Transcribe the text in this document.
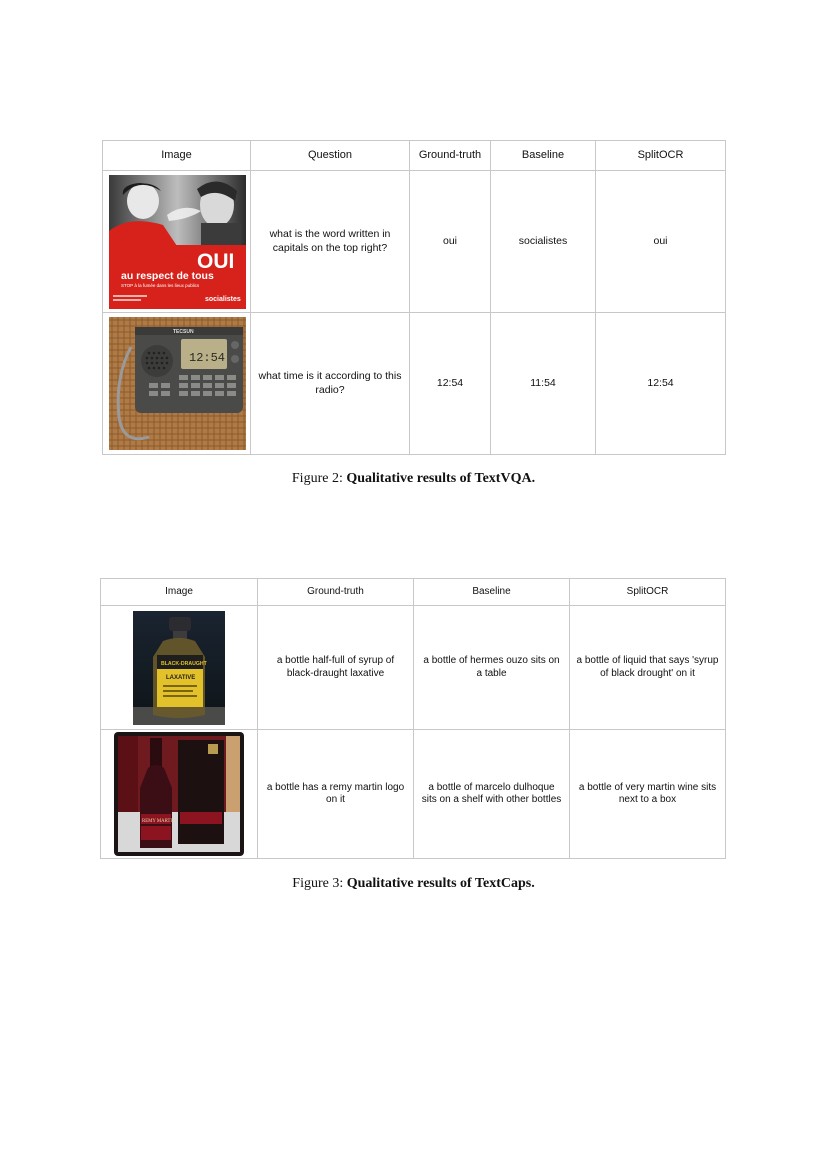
Image	Question	Ground-truth	Baseline	SplitOCR

OUI
au respect de tous
STOP à la fumée dans les lieux publics
socialistes	what is the word written in capitals on the top right?	oui	socialistes	oui

TECSUN
12:54	what time is it according to this radio?	12:54	11:54	12:54
Figure 2: Qualitative results of TextVQA.
Image	Ground-truth	Baseline	SplitOCR

BLACK-DRAUGHT
LAXATIVE	a bottle half-full of syrup of black-draught laxative	a bottle of hermes ouzo sits on a table	a bottle of liquid that says 'syrup of black drought' on it

REMY MARTIN	a bottle has a remy martin logo on it	a bottle of marcelo dulhoque sits on a shelf with other bottles	a bottle of very martin wine sits next to a box
Figure 3: Qualitative results of TextCaps.
